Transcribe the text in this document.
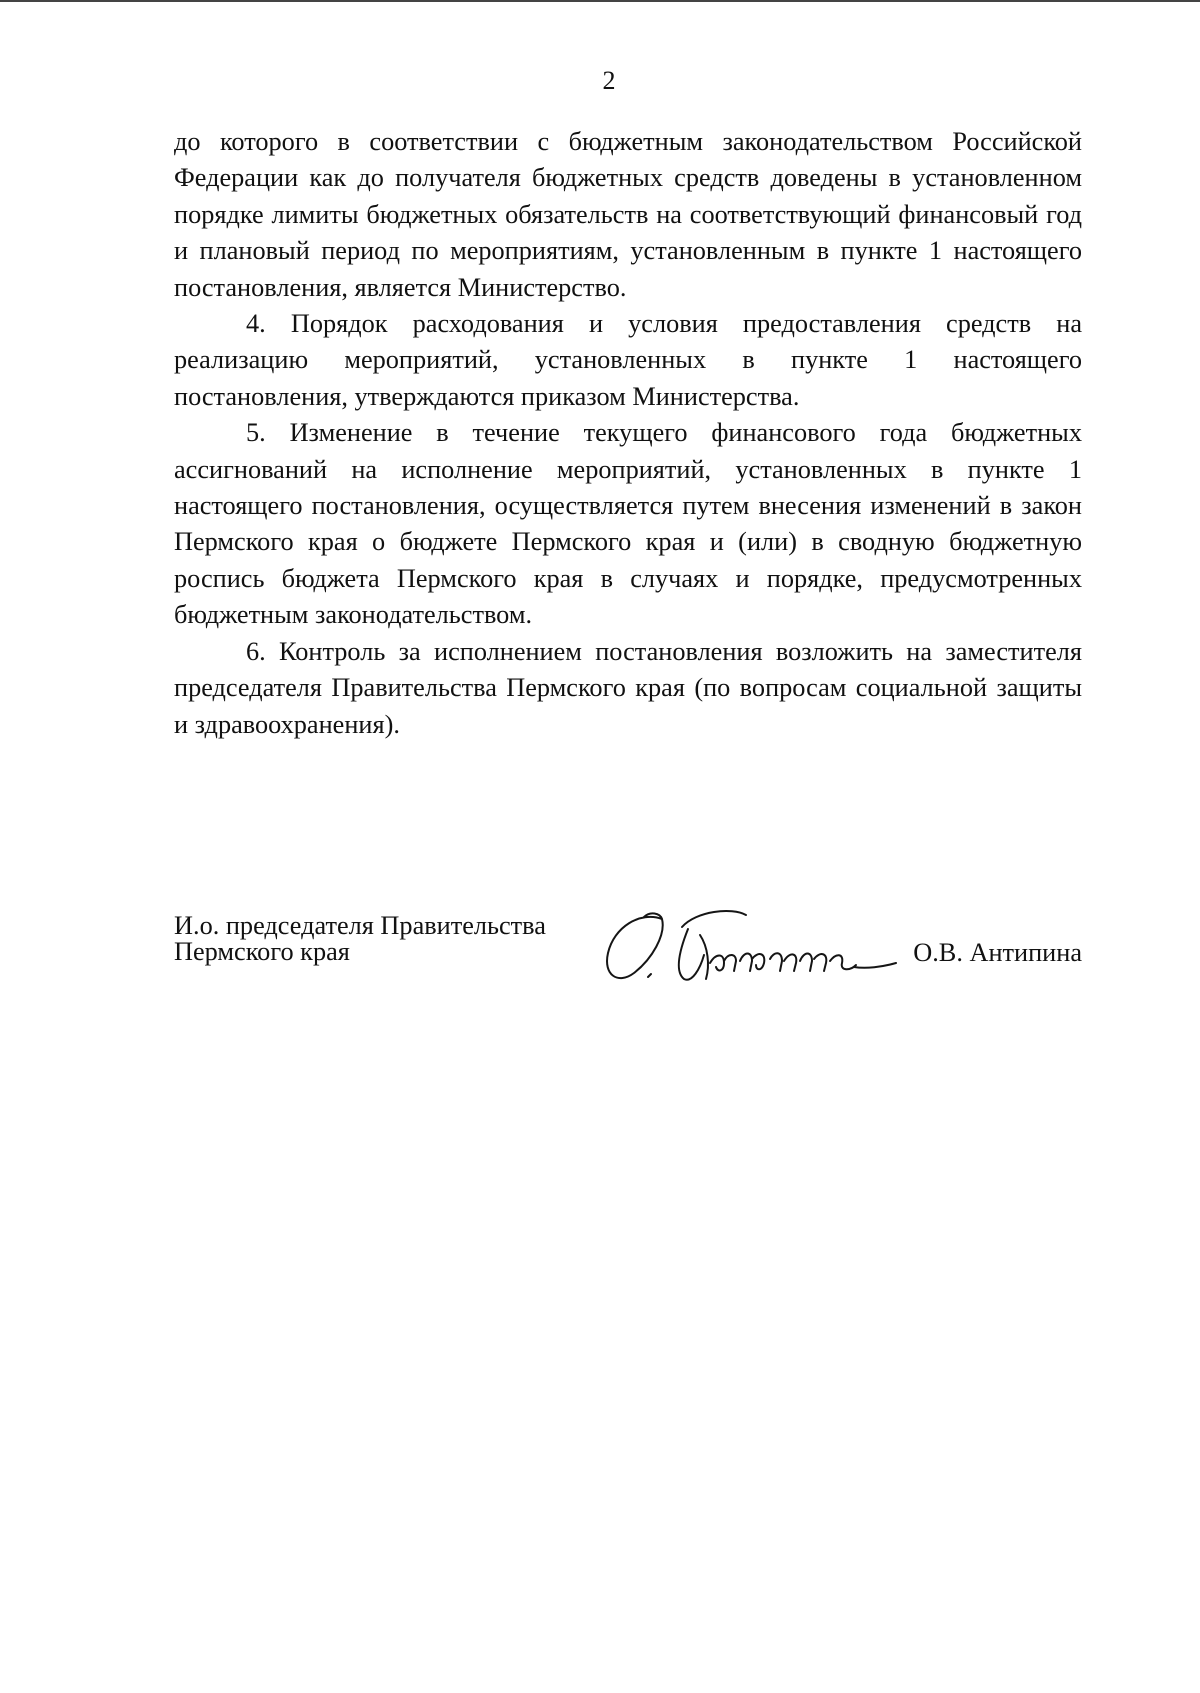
2

до которого в соответствии с бюджетным законодательством Российской Федерации как до получателя бюджетных средств доведены в установленном порядке лимиты бюджетных обязательств на соответствующий финансовый год и плановый период по мероприятиям, установленным в пункте 1 настоящего постановления, является Министерство.

4. Порядок расходования и условия предоставления средств на реализацию мероприятий, установленных в пункте 1 настоящего постановления, утверждаются приказом Министерства.

5. Изменение в течение текущего финансового года бюджетных ассигнований на исполнение мероприятий, установленных в пункте 1 настоящего постановления, осуществляется путем внесения изменений в закон Пермского края о бюджете Пермского края и (или) в сводную бюджетную роспись бюджета Пермского края в случаях и порядке, предусмотренных бюджетным законодательством.

6. Контроль за исполнением постановления возложить на заместителя председателя Правительства Пермского края (по вопросам социальной защиты и здравоохранения).

И.о. председателя Правительства
Пермского края	О.В. Антипина
